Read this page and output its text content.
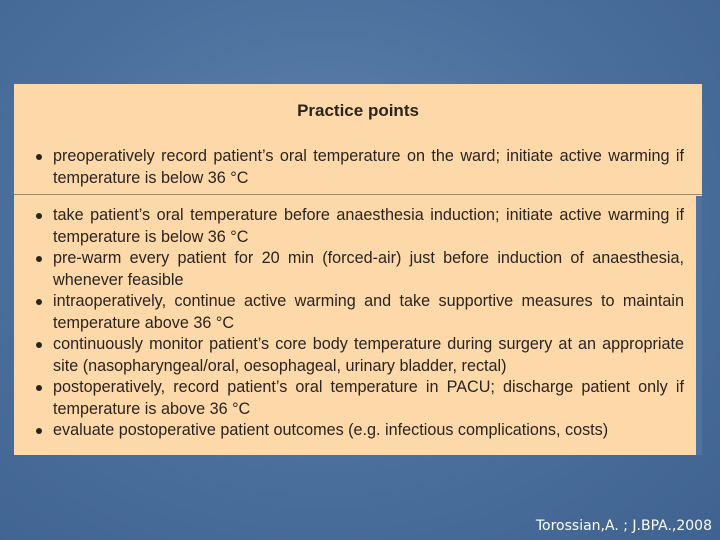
Practice points
preoperatively record patient’s oral temperature on the ward; initiate active warming if temperature is below 36 °C
take patient’s oral temperature before anaesthesia induction; initiate active warming if temperature is below 36 °C
pre-warm every patient for 20 min (forced-air) just before induction of anaesthesia, whenever feasible
intraoperatively, continue active warming and take supportive measures to maintain temperature above 36 °C
continuously monitor patient’s core body temperature during surgery at an appropriate site (nasopharyngeal/oral, oesophageal, urinary bladder, rectal)
postoperatively, record patient’s oral temperature in PACU; discharge patient only if temperature is above 36 °C
evaluate postoperative patient outcomes (e.g. infectious complications, costs)
Torossian,A. ; J.BPA.,2008
